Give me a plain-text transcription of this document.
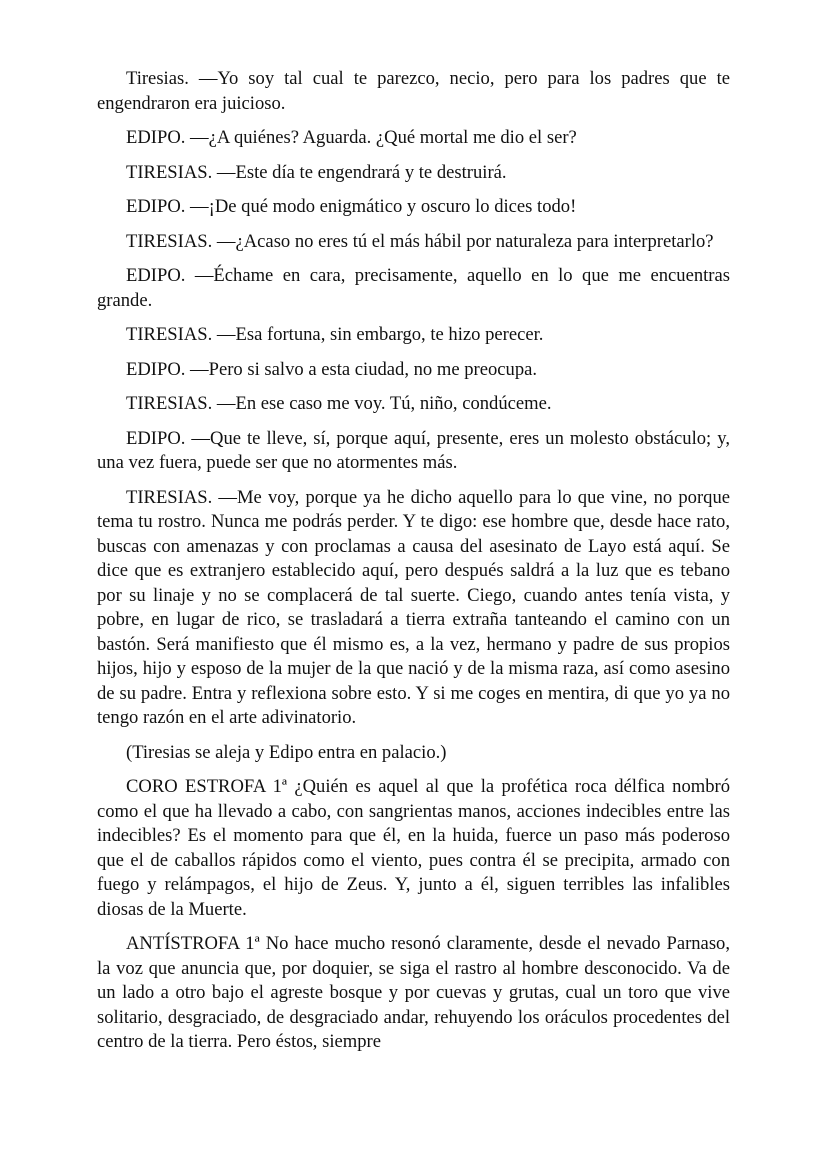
Tiresias. —Yo soy tal cual te parezco, necio, pero para los padres que te engendraron era juicioso.

EDIPO. —¿A quiénes? Aguarda. ¿Qué mortal me dio el ser?

TIRESIAS. —Este día te engendrará y te destruirá.

EDIPO. —¡De qué modo enigmático y oscuro lo dices todo!

TIRESIAS. —¿Acaso no eres tú el más hábil por naturaleza para interpretarlo?

EDIPO. —Échame en cara, precisamente, aquello en lo que me encuentras grande.

TIRESIAS. —Esa fortuna, sin embargo, te hizo perecer.

EDIPO. —Pero si salvo a esta ciudad, no me preocupa.

TIRESIAS. —En ese caso me voy. Tú, niño, condúceme.

EDIPO. —Que te lleve, sí, porque aquí, presente, eres un molesto obstáculo; y, una vez fuera, puede ser que no atormentes más.

TIRESIAS. —Me voy, porque ya he dicho aquello para lo que vine, no porque tema tu rostro. Nunca me podrás perder. Y te digo: ese hombre que, desde hace rato, buscas con amenazas y con proclamas a causa del asesinato de Layo está aquí. Se dice que es extranjero establecido aquí, pero después saldrá a la luz que es tebano por su linaje y no se complacerá de tal suerte. Ciego, cuando antes tenía vista, y pobre, en lugar de rico, se trasladará a tierra extraña tanteando el camino con un bastón. Será manifiesto que él mismo es, a la vez, hermano y padre de sus propios hijos, hijo y esposo de la mujer de la que nació y de la misma raza, así como asesino de su padre. Entra y reflexiona sobre esto. Y si me coges en mentira, di que yo ya no tengo razón en el arte adivinatorio.

(Tiresias se aleja y Edipo entra en palacio.)

CORO ESTROFA 1ª ¿Quién es aquel al que la profética roca délfica nombró como el que ha llevado a cabo, con sangrientas manos, acciones indecibles entre las indecibles? Es el momento para que él, en la huida, fuerce un paso más poderoso que el de caballos rápidos como el viento, pues contra él se precipita, armado con fuego y relámpagos, el hijo de Zeus. Y, junto a él, siguen terribles las infalibles diosas de la Muerte.

ANTÍSTROFA 1ª No hace mucho resonó claramente, desde el nevado Parnaso, la voz que anuncia que, por doquier, se siga el rastro al hombre desconocido. Va de un lado a otro bajo el agreste bosque y por cuevas y grutas, cual un toro que vive solitario, desgraciado, de desgraciado andar, rehuyendo los oráculos procedentes del centro de la tierra. Pero éstos, siempre
